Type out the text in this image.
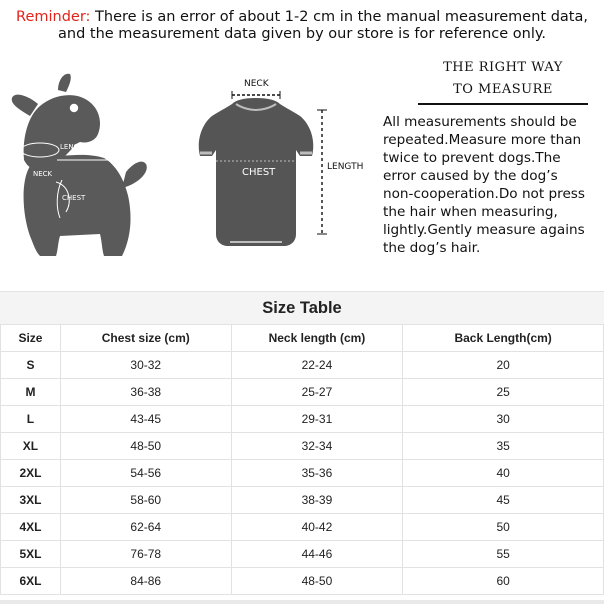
Reminder: There is an error of about 1-2 cm in the manual measurement data,
and the measurement data given by our store is for reference only.
LENGTH
NECK
CHEST
NECK
CHEST	LENGTH
THE RIGHT WAY
TO MEASURE
All measurements should be
repeated.Measure more than
twice to prevent dogs.The
error caused by the dog’s
non-cooperation.Do not press
the hair when measuring,
lightly.Gently measure agains
the dog’s hair.
Size Table
Size	Chest size (cm)	Neck length (cm)	Back Length(cm)
S	30-32	22-24	20
M	36-38	25-27	25
L	43-45	29-31	30
XL	48-50	32-34	35
2XL	54-56	35-36	40
3XL	58-60	38-39	45
4XL	62-64	40-42	50
5XL	76-78	44-46	55
6XL	84-86	48-50	60
